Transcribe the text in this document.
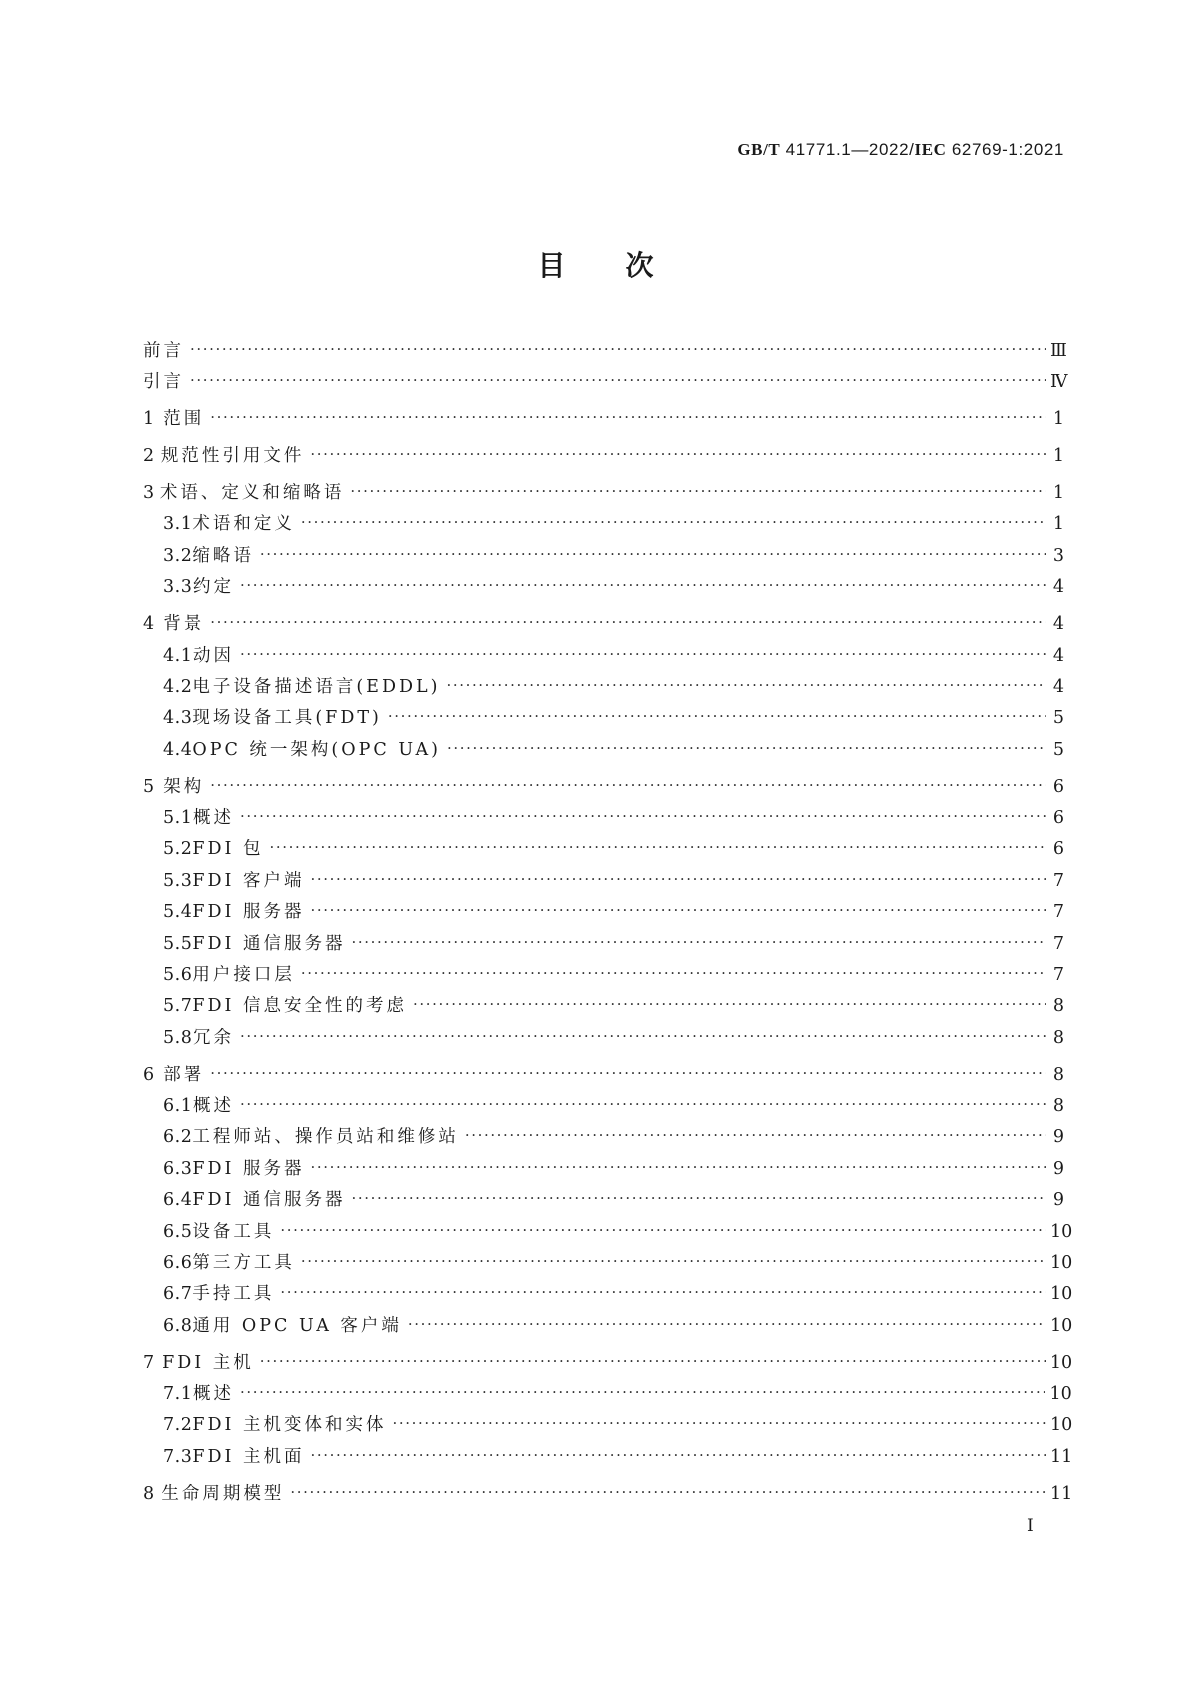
GB/T 41771.1—2022/IEC 62769-1:2021
目次
前言 ·····	Ⅲ
引言 ·····	Ⅳ
1 范围 ·····	1
2 规范性引用文件 ·····	1
3 术语、定义和缩略语 ·····	1
3.1 术语和定义 ·····	1
3.2 缩略语 ·····	3
3.3 约定 ·····	4
4 背景 ·····	4
4.1 动因 ·····	4
4.2 电子设备描述语言(EDDL) ·····	4
4.3 现场设备工具(FDT) ·····	5
4.4 OPC 统一架构(OPC UA) ·····	5
5 架构 ·····	6
5.1 概述 ·····	6
5.2 FDI 包 ·····	6
5.3 FDI 客户端 ·····	7
5.4 FDI 服务器 ·····	7
5.5 FDI 通信服务器 ·····	7
5.6 用户接口层 ·····	7
5.7 FDI 信息安全性的考虑 ·····	8
5.8 冗余 ·····	8
6 部署 ·····	8
6.1 概述 ·····	8
6.2 工程师站、操作员站和维修站 ·····	9
6.3 FDI 服务器 ·····	9
6.4 FDI 通信服务器 ·····	9
6.5 设备工具 ·····	10
6.6 第三方工具 ·····	10
6.7 手持工具 ·····	10
6.8 通用 OPC UA 客户端 ·····	10
7 FDI 主机 ·····	10
7.1 概述 ·····	10
7.2 FDI 主机变体和实体 ·····	10
7.3 FDI 主机面 ·····	11
8 生命周期模型 ·····	11
I
